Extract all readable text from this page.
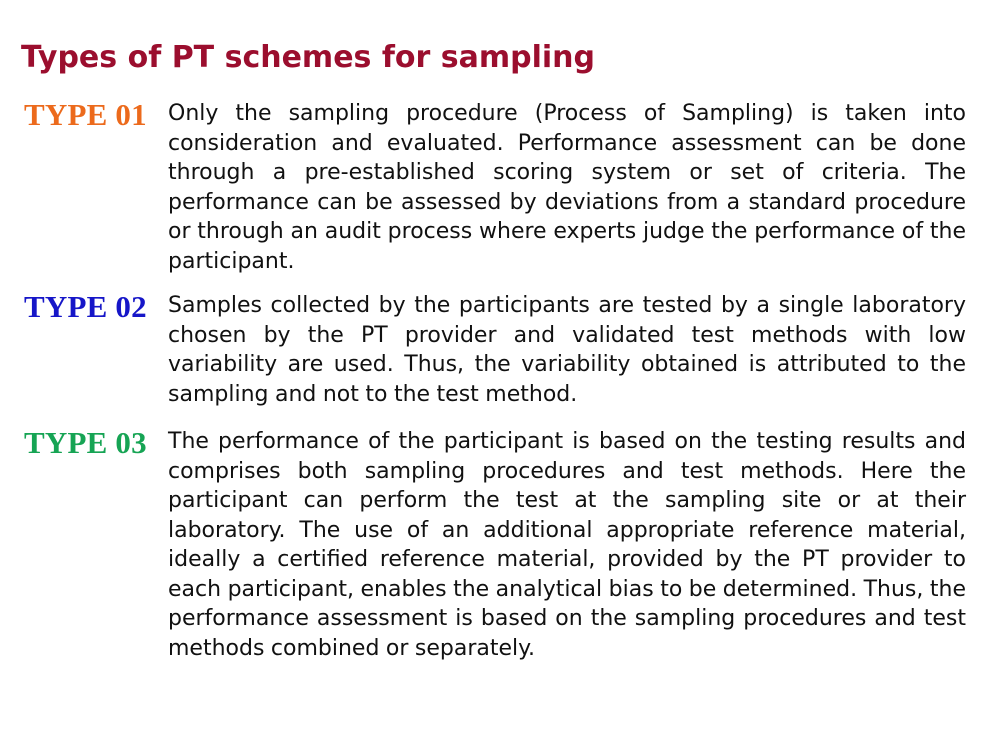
Types of PT schemes for sampling
TYPE 01 Only the sampling procedure (Process of Sampling) is taken into consideration and evaluated. Performance assessment can be done through a pre-established scoring system or set of criteria. The performance can be assessed by deviations from a standard procedure or through an audit process where experts judge the performance of the participant.

TYPE 02 Samples collected by the participants are tested by a single laboratory chosen by the PT provider and validated test methods with low variability are used. Thus, the variability obtained is attributed to the sampling and not to the test method.

TYPE 03 The performance of the participant is based on the testing results and comprises both sampling procedures and test methods. Here the participant can perform the test at the sampling site or at their laboratory. The use of an additional appropriate reference material, ideally a certified reference material, provided by the PT provider to each participant, enables the analytical bias to be determined. Thus, the performance assessment is based on the sampling procedures and test methods combined or separately.
